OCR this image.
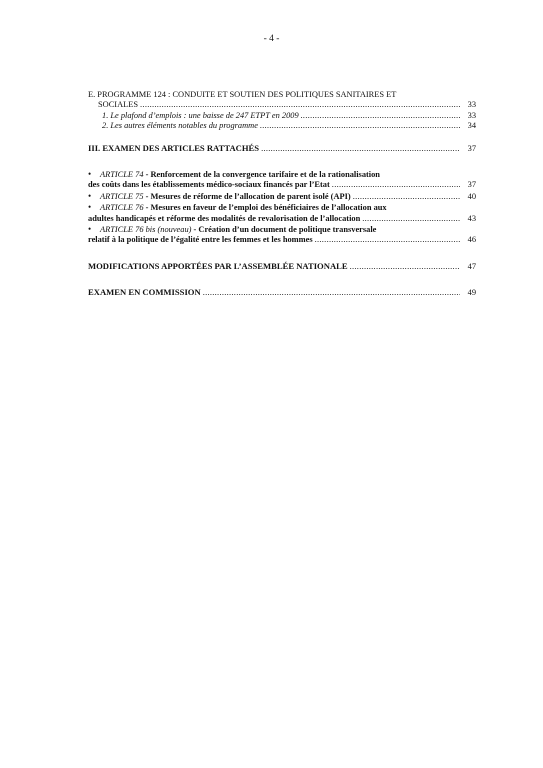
- 4 -
E. PROGRAMME 124 : CONDUITE ET SOUTIEN DES POLITIQUES SANITAIRES ET
SOCIALES .....	33
1. Le plafond d’emplois : une baisse de 247 ETPT en 2009 .....	33
2. Les autres éléments notables du programme .....	34
III. EXAMEN DES ARTICLES RATTACHÉS .....	37
• ARTICLE 74 - Renforcement de la convergence tarifaire et de la rationalisation
des coûts dans les établissements médico-sociaux financés par l’Etat .....	37
• ARTICLE 75 - Mesures de réforme de l’allocation de parent isolé (API) .....	40
• ARTICLE 76 - Mesures en faveur de l’emploi des bénéficiaires de l’allocation aux
adultes handicapés et réforme des modalités de revalorisation de l’allocation .....	43
• ARTICLE 76 bis (nouveau) - Création d’un document de politique transversale
relatif à la politique de l’égalité entre les femmes et les hommes .....	46
MODIFICATIONS APPORTÉES PAR L’ASSEMBLÉE NATIONALE .....	47
EXAMEN EN COMMISSION .....	49
